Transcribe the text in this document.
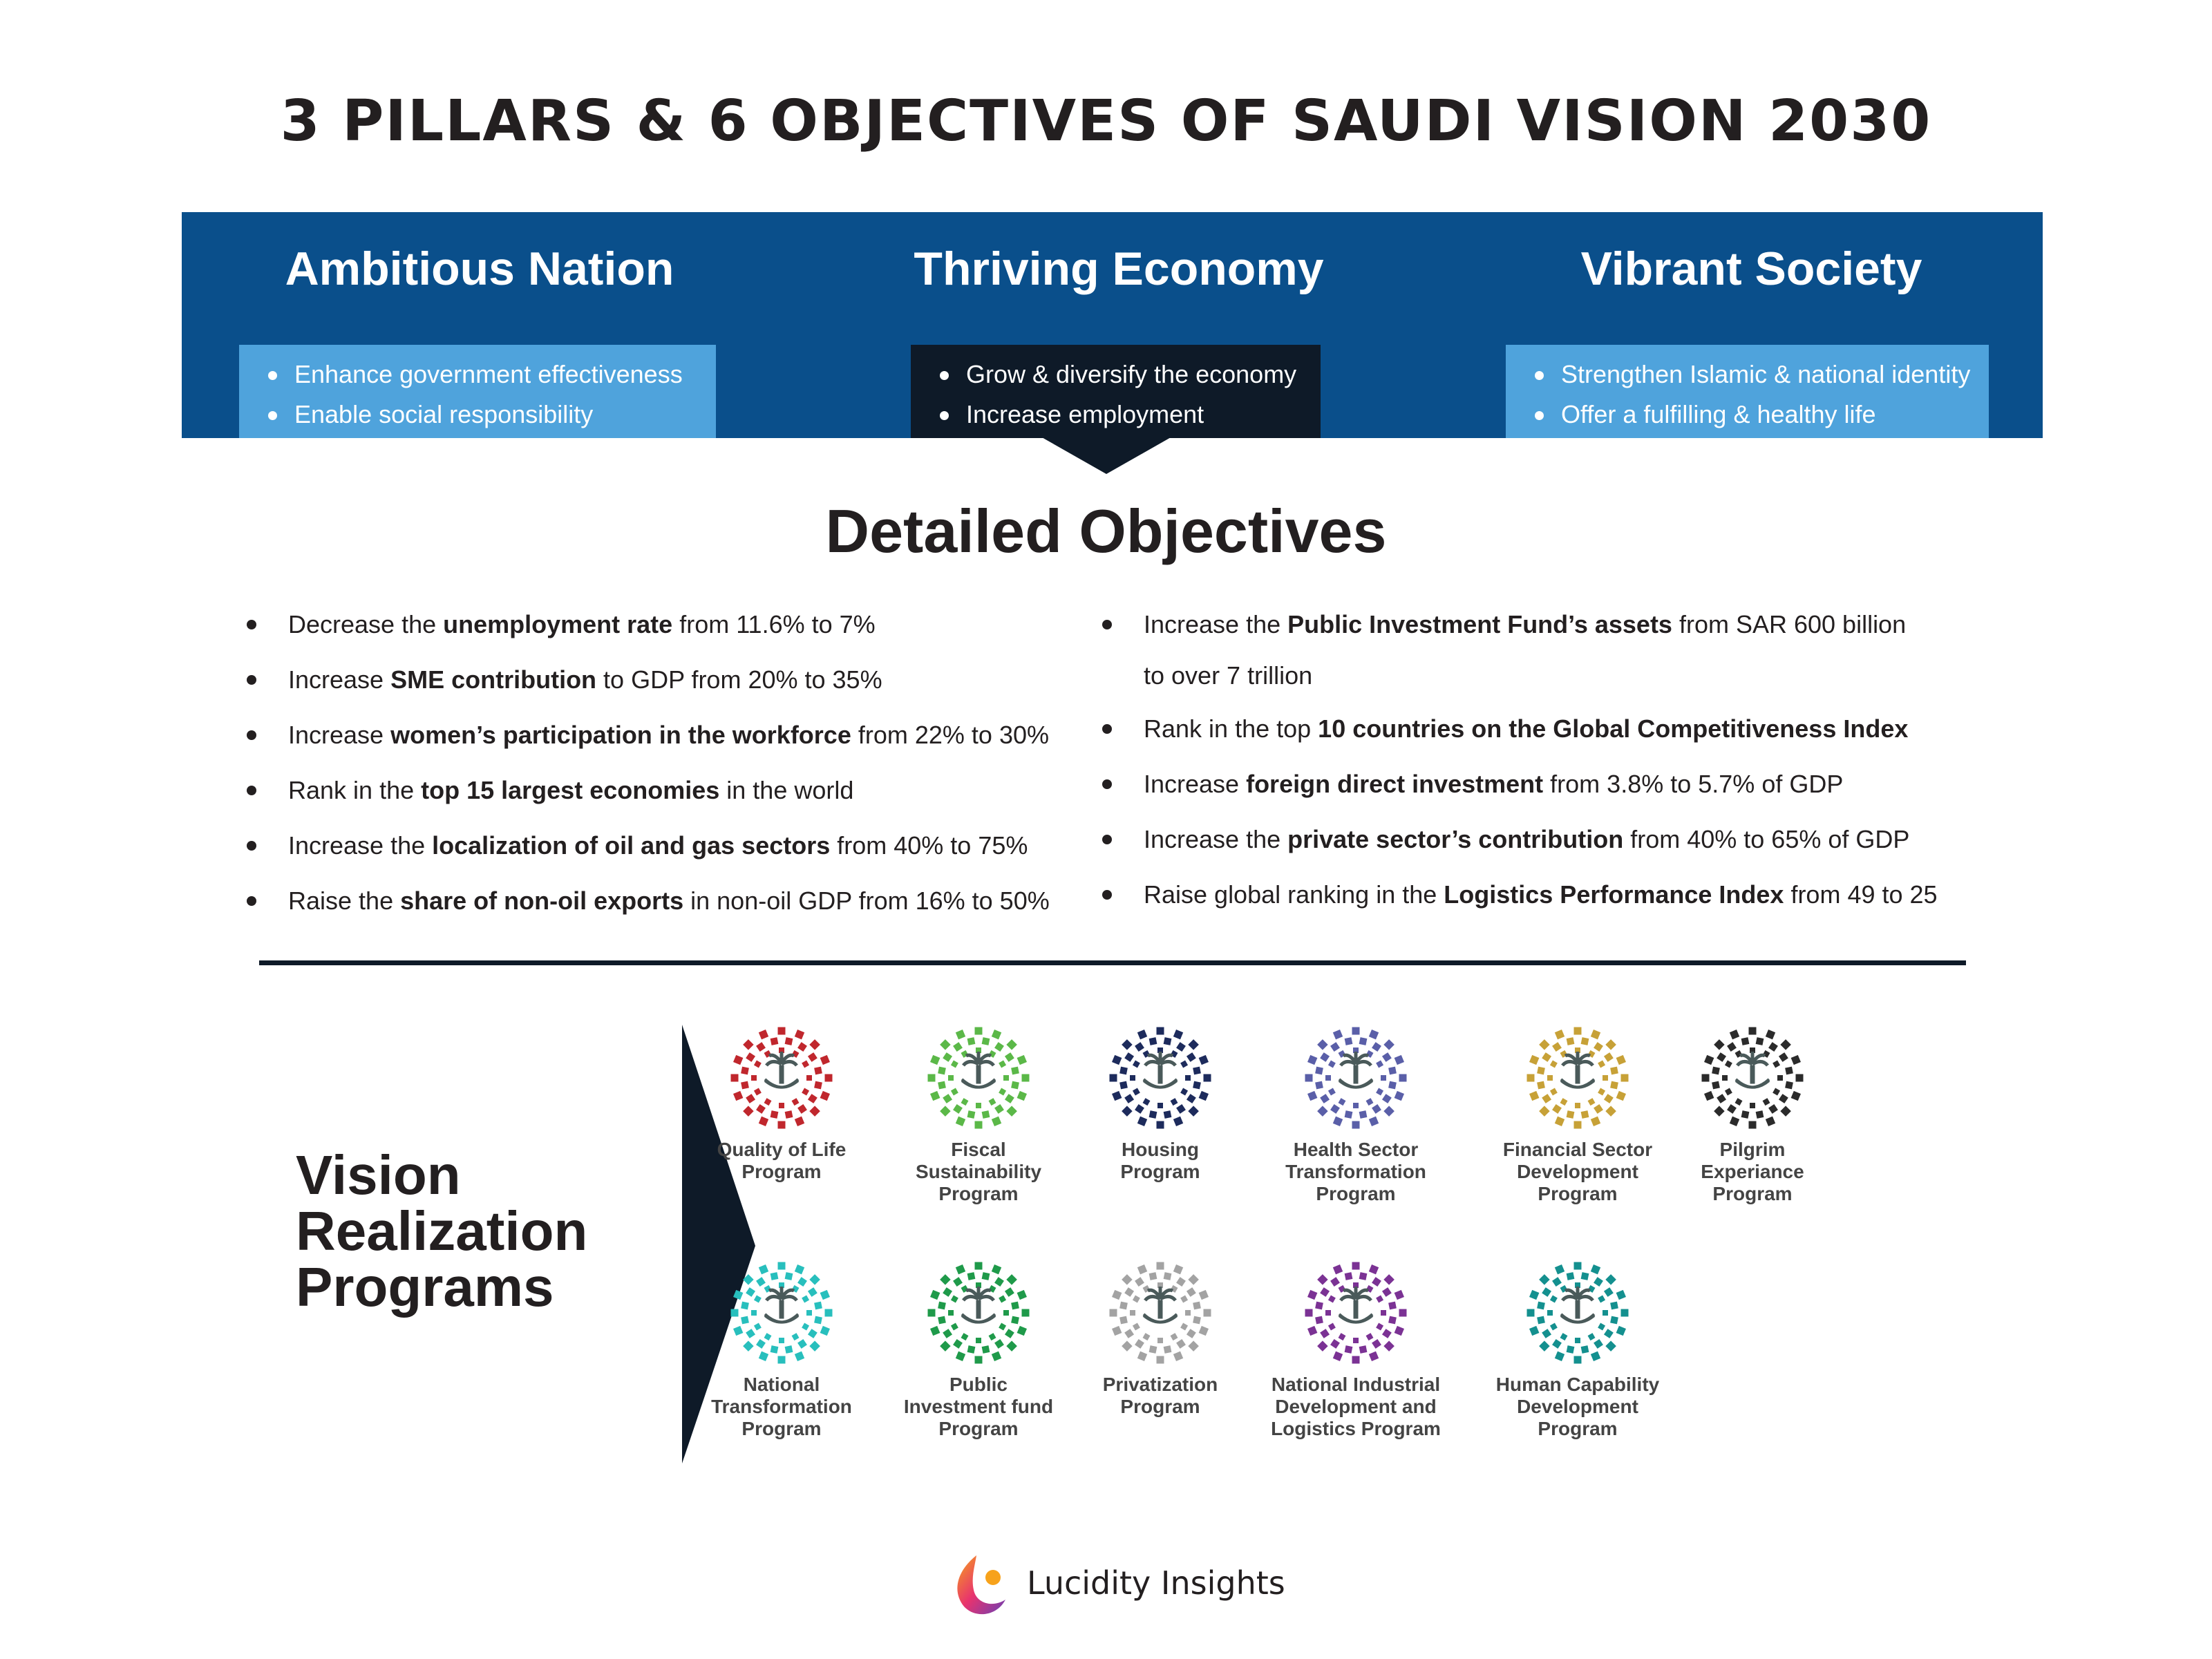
3 PILLARS & 6 OBJECTIVES OF SAUDI VISION 2030
Ambitious Nation	Thriving Economy	Vibrant Society
Enhance government effectiveness
Enable social responsibility
Grow & diversify the economy
Increase employment
Strengthen Islamic & national identity
Offer a fulfilling & healthy life
Detailed Objectives
Decrease the unemployment rate from 11.6% to 7%
Increase SME contribution to GDP from 20% to 35%
Increase women’s participation in the workforce from 22% to 30%
Rank in the top 15 largest economies in the world
Increase the localization of oil and gas sectors from 40% to 75%
Raise the share of non-oil exports in non-oil GDP from 16% to 50%
Increase the Public Investment Fund’s assets from SAR 600 billion to over 7 trillion
Rank in the top 10 countries on the Global Competitiveness Index
Increase foreign direct investment from 3.8% to 5.7% of GDP
Increase the private sector’s contribution from 40% to 65% of GDP
Raise global ranking in the Logistics Performance Index from 49 to 25
Vision
Realization
Programs
Quality of Life
Program
Fiscal
Sustainability
Program
Housing
Program
Health Sector
Transformation
Program
Financial Sector
Development
Program
Pilgrim
Experiance
Program
National
Transformation
Program
Public
Investment fund
Program
Privatization
Program
National Industrial
Development and
Logistics Program
Human Capability
Development
Program
Lucidity Insights
